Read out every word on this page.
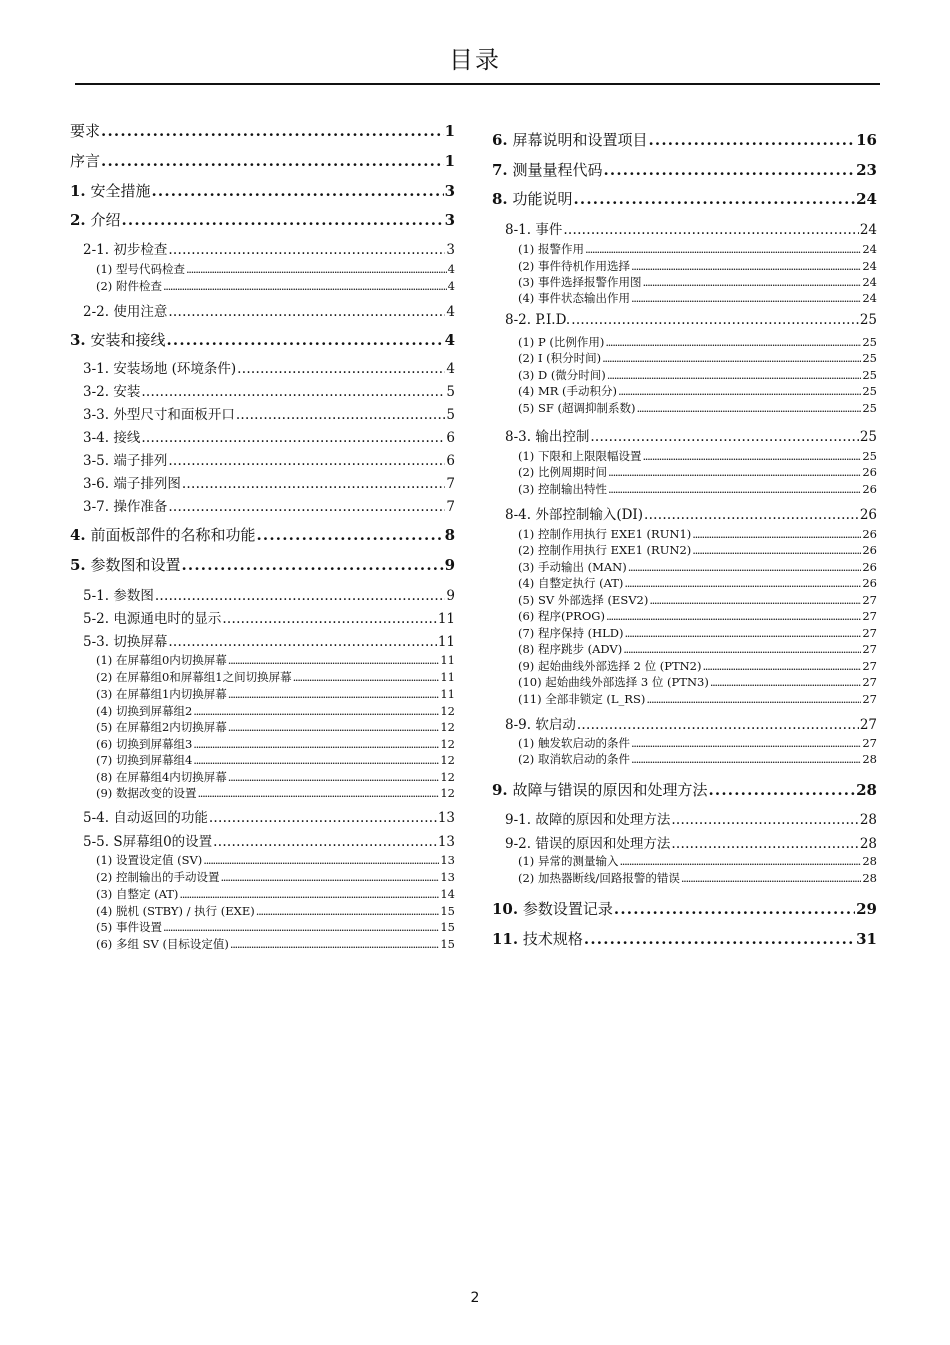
目录
要求 . . .	1
序言 . . .	1
1. 安全措施 . . .	3
2. 介绍 . . .	3
2-1. 初步检查 . . .	3
(1) 型号代码检查 . . .	4
(2) 附件检查 . . .	4
2-2. 使用注意 . . .	4
3. 安装和接线 . . .	4
3-1. 安装场地 (环境条件) . . .	4
3-2. 安装 . . .	5
3-3. 外型尺寸和面板开口 . . .	5
3-4. 接线 . . .	6
3-5. 端子排列 . . .	6
3-6. 端子排列图 . . .	7
3-7. 操作准备 . . .	7
4. 前面板部件的名称和功能 . . .	8
5. 参数图和设置 . . .	9
5-1. 参数图 . . .	9
5-2. 电源通电时的显示 . . .	11
5-3. 切换屏幕 . . .	11
(1) 在屏幕组0内切换屏幕 . . .	11
(2) 在屏幕组0和屏幕组1之间切换屏幕 . . .	11
(3) 在屏幕组1内切换屏幕 . . .	11
(4) 切换到屏幕组2 . . .	12
(5) 在屏幕组2内切换屏幕 . . .	12
(6) 切换到屏幕组3 . . .	12
(7) 切换到屏幕组4 . . .	12
(8) 在屏幕组4内切换屏幕 . . .	12
(9) 数据改变的设置 . . .	12
5-4. 自动返回的功能 . . .	13
5-5. S屏幕组0的设置 . . .	13
(1) 设置设定值 (SV) . . .	13
(2) 控制输出的手动设置 . . .	13
(3) 自整定 (AT) . . .	14
(4) 脱机 (STBY) / 执行 (EXE) . . .	15
(5) 事件设置 . . .	15
(6) 多组 SV (目标设定值) . . .	15
6. 屏幕说明和设置项目 . . .	16
7. 测量量程代码 . . .	23
8. 功能说明 . . .	24
8-1. 事件 . . .	24
(1) 报警作用 . . .	24
(2) 事件待机作用选择 . . .	24
(3) 事件选择报警作用图 . . .	24
(4) 事件状态输出作用 . . .	24
8-2. P.I.D. . . .	25
(1) P (比例作用) . . .	25
(2) I (积分时间) . . .	25
(3) D (微分时间) . . .	25
(4) MR (手动积分) . . .	25
(5) SF (超调抑制系数) . . .	25
8-3. 输出控制 . . .	25
(1) 下限和上限限幅设置 . . .	25
(2) 比例周期时间 . . .	26
(3) 控制输出特性 . . .	26
8-4. 外部控制输入(DI) . . .	26
(1) 控制作用执行 EXE1 (RUN1) . . .	26
(2) 控制作用执行 EXE1 (RUN2) . . .	26
(3) 手动输出 (MAN) . . .	26
(4) 自整定执行 (AT) . . .	26
(5) SV 外部选择 (ESV2) . . .	27
(6) 程序(PROG) . . .	27
(7) 程序保持 (HLD) . . .	27
(8) 程序跳步 (ADV) . . .	27
(9) 起始曲线外部选择 2 位 (PTN2) . . .	27
(10) 起始曲线外部选择 3 位 (PTN3) . . .	27
(11) 全部非锁定 (L_RS) . . .	27
8-9. 软启动 . . .	27
(1) 触发软启动的条件 . . .	27
(2) 取消软启动的条件 . . .	28
9. 故障与错误的原因和处理方法 . . .	28
9-1. 故障的原因和处理方法 . . .	28
9-2. 错误的原因和处理方法 . . .	28
(1) 异常的测量输入 . . .	28
(2) 加热器断线/回路报警的错误 . . .	28
10. 参数设置记录 . . .	29
11. 技术规格 . . .	31
2
